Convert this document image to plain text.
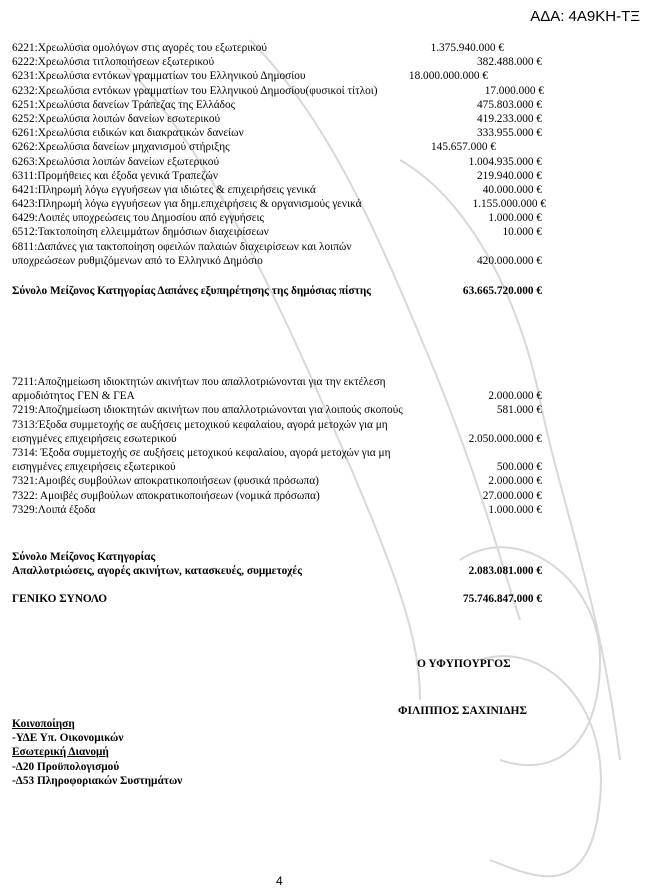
ΑΔΑ: 4Α9ΚΗ-ΤΞ
6221:Χρεωλύσια ομολόγων στις αγορές του εξωτερικού	1.375.940.000 €
6222:Χρεωλύσια τιτλοποιήσεων εξωτερικού	382.488.000 €
6231:Χρεωλύσια εντόκων γραμματίων του Ελληνικού Δημοσίου	18.000.000.000 €
6232:Χρεωλύσια εντόκων γραμματίων του Ελληνικού Δημοσίου(φυσικοί τίτλοι)	17.000.000 €
6251:Χρεωλύσια δανείων Τράπεζας της Ελλάδος	475.803.000 €
6252:Χρεωλύσια λοιπών δανείων εσωτερικού	419.233.000 €
6261:Χρεωλύσια ειδικών και διακρατικών δανείων	333.955.000 €
6262:Χρεωλύσια δανείων μηχανισμού στήριξης	145.657.000 €
6263:Χρεωλύσια λοιπών δανείων εξωτερικού	1.004.935.000 €
6311:Προμήθειες και έξοδα γενικά Τραπεζών	219.940.000 €
6421:Πληρωμή λόγω εγγυήσεων για ιδιώτες & επιχειρήσεις γενικά	40.000.000 €
6423:Πληρωμή λόγω εγγυήσεων για δημ.επιχειρήσεις & οργανισμούς γενικά	1.155.000.000 €
6429:Λοιπές υποχρεώσεις του Δημοσίου από εγγυήσεις	1.000.000 €
6512:Τακτοποίηση ελλειμμάτων δημόσιων διαχειρίσεων	10.000 €
6811:Δαπάνες για τακτοποίηση οφειλών παλαιών διαχειρίσεων και λοιπών
υποχρεώσεων ρυθμιζόμενων από το Ελληνικό Δημόσιο	420.000.000 €
Σύνολο Μείζονος Κατηγορίας Δαπάνες εξυπηρέτησης της δημόσιας πίστης	63.665.720.000 €
7211:Αποζημείωση ιδιοκτητών ακινήτων που απαλλοτριώνονται για την εκτέλεση
αρμοδιότητος ΓΕΝ & ΓΕΑ	2.000.000 €
7219:Αποζημείωση ιδιοκτητών ακινήτων που απαλλοτριώνονται για λοιπούς σκοπούς	581.000 €
7313:Έξοδα συμμετοχής σε αυξήσεις μετοχικού κεφαλαίου, αγορά μετοχών για μη
εισηγμένες επιχειρήσεις εσωτερικού	2.050.000.000 €
7314: Έξοδα συμμετοχής σε αυξήσεις μετοχικού κεφαλαίου, αγορά μετοχών για μη
εισηγμένες επιχειρήσεις εξωτερικού	500.000 €
7321:Αμοιβές συμβούλων αποκρατικοποιήσεων (φυσικά πρόσωπα)	2.000.000 €
7322: Αμοιβές συμβούλων αποκρατικοποιήσεων (νομικά πρόσωπα)	27.000.000 €
7329:Λοιπά έξοδα	1.000.000 €
Σύνολο Μείζονος Κατηγορίας
Απαλλοτριώσεις, αγορές ακινήτων, κατασκευές, συμμετοχές	2.083.081.000 €
ΓΕΝΙΚΟ ΣΥΝΟΛΟ	75.746.847.000 €
Ο ΥΦΥΠΟΥΡΓΟΣ
ΦΙΛΙΠΠΟΣ ΣΑΧΙΝΙΔΗΣ
Κοινοποίηση
-ΥΔΕ Υπ. Οικονομικών
Εσωτερική Διανομή
-Δ20 Προϋπολογισμού
-Δ53 Πληροφοριακών Συστημάτων
4
